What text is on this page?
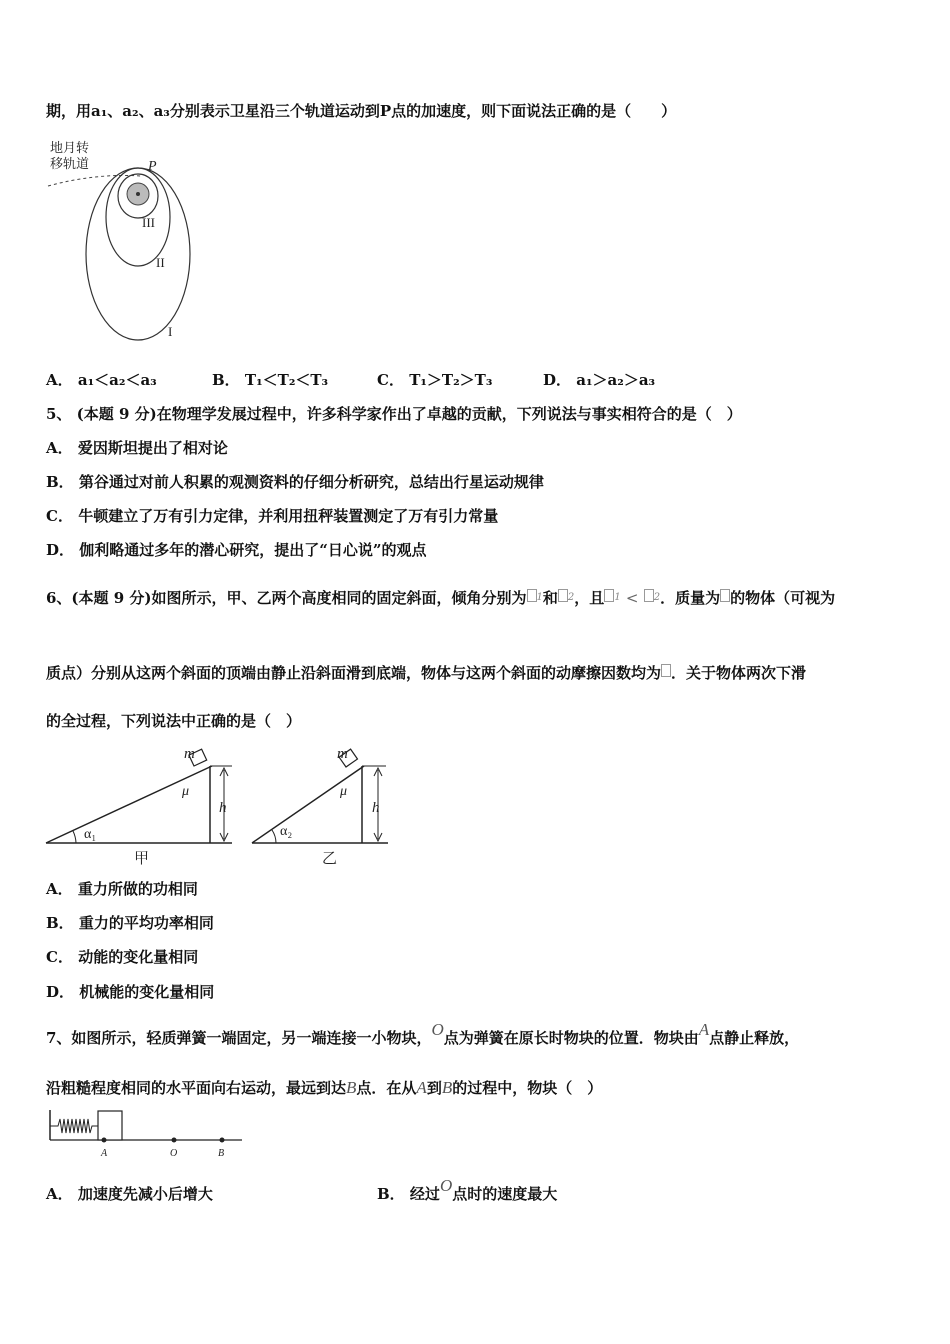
期，用a₁、a₂、a₃分别表示卫星沿三个轨道运动到P点的加速度，则下面说法正确的是（　　）
地月转
移轨道	P
III
II
I
A． a₁＜a₂＜a₃	B． T₁＜T₂＜T₃	C． T₁＞T₂＞T₃	D． a₁＞a₂＞a₃
5、 (本题 9 分)在物理学发展过程中，许多科学家作出了卓越的贡献，下列说法与事实相符合的是（　）
A． 爱因斯坦提出了相对论
B． 第谷通过对前人积累的观测资料的仔细分析研究，总结出行星运动规律
C． 牛顿建立了万有引力定律，并利用扭秤装置测定了万有引力常量
D． 伽利略通过多年的潜心研究，提出了“日心说”的观点
6、(本题 9 分)如图所示，甲、乙两个高度相同的固定斜面，倾角分别为 $^1$和 $^2$，且 $^1$ < $^2$．质量为 的物体（可视为
质点）分别从这两个斜面的顶端由静止沿斜面滑到底端，物体与这两个斜面的动摩擦因数均为 ．关于物体两次下滑
的全过程，下列说法中正确的是（　）
m
μ
h
α₁
甲
m
μ
h
α₂
乙
A． 重力所做的功相同
B． 重力的平均功率相同
C． 动能的变化量相同
D． 机械能的变化量相同
7、如图所示，轻质弹簧一端固定，另一端连接一小物块，O点为弹簧在原长时物块的位置．物块由A点静止释放，
沿粗糙程度相同的水平面向右运动，最远到达B点．在从A到B的过程中，物块（　）
A	O	B
A． 加速度先减小后增大	B． 经过O点时的速度最大
